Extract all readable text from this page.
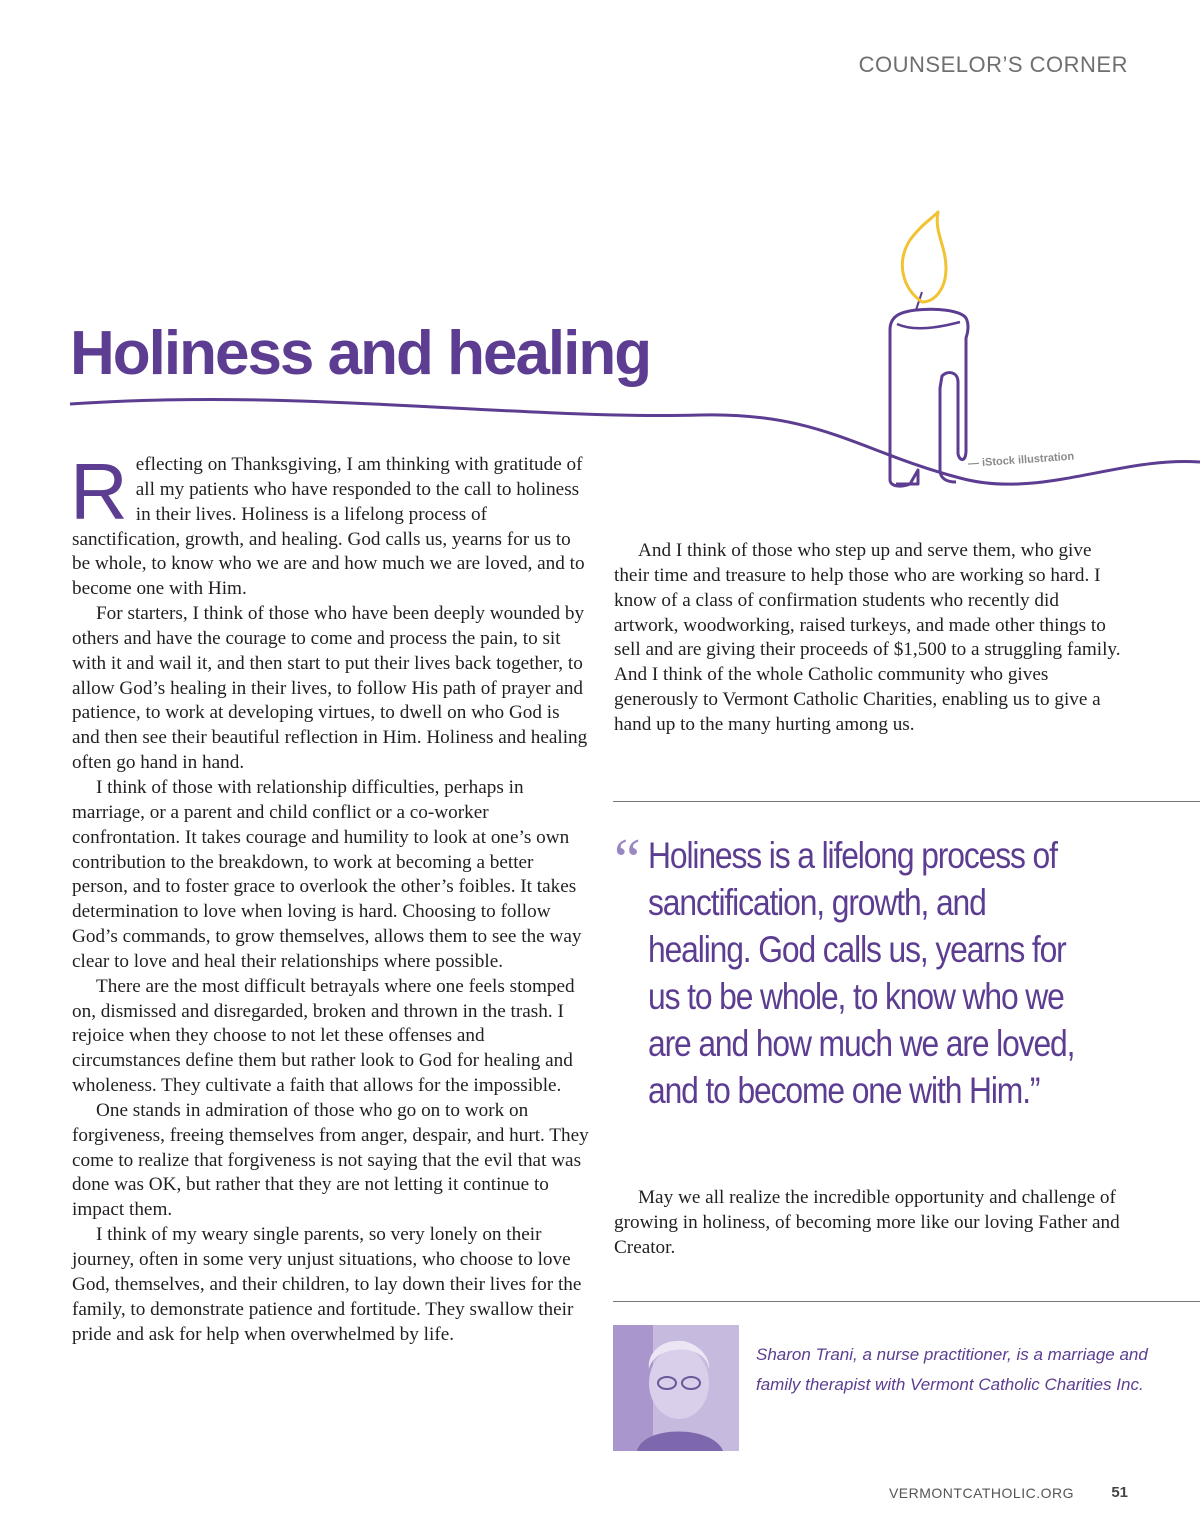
COUNSELOR’S CORNER
Holiness and healing
— iStock illustration

Reflecting on Thanksgiving, I am thinking with gratitude of all my patients who have responded to the call to holiness in their lives. Holiness is a lifelong process of sanctification, growth, and healing. God calls us, yearns for us to be whole, to know who we are and how much we are loved, and to become one with Him.

For starters, I think of those who have been deeply wounded by others and have the courage to come and process the pain, to sit with it and wail it, and then start to put their lives back together, to allow God’s healing in their lives, to follow His path of prayer and patience, to work at developing virtues, to dwell on who God is and then see their beautiful reflection in Him. Holiness and healing often go hand in hand.

I think of those with relationship difficulties, perhaps in marriage, or a parent and child conflict or a co-worker confrontation. It takes courage and humility to look at one’s own contribution to the breakdown, to work at becoming a better person, and to foster grace to overlook the other’s foibles. It takes determination to love when loving is hard. Choosing to follow God’s commands, to grow themselves, allows them to see the way clear to love and heal their relationships where possible.

There are the most difficult betrayals where one feels stomped on, dismissed and disregarded, broken and thrown in the trash. I rejoice when they choose to not let these offenses and circumstances define them but rather look to God for healing and wholeness. They cultivate a faith that allows for the impossible.

One stands in admiration of those who go on to work on forgiveness, freeing themselves from anger, despair, and hurt. They come to realize that forgiveness is not saying that the evil that was done was OK, but rather that they are not letting it continue to impact them.

I think of my weary single parents, so very lonely on their journey, often in some very unjust situations, who choose to love God, themselves, and their children, to lay down their lives for the family, to demonstrate patience and fortitude. They swallow their pride and ask for help when overwhelmed by life.

And I think of those who step up and serve them, who give their time and treasure to help those who are working so hard. I know of a class of confirmation students who recently did artwork, woodworking, raised turkeys, and made other things to sell and are giving their proceeds of $1,500 to a struggling family. And I think of the whole Catholic community who gives generously to Vermont Catholic Charities, enabling us to give a hand up to the many hurting among us.

“ Holiness is a lifelong process of sanctification, growth, and healing. God calls us, yearns for us to be whole, to know who we are and how much we are loved, and to become one with Him.”

May we all realize the incredible opportunity and challenge of growing in holiness, of becoming more like our loving Father and Creator.

Sharon Trani, a nurse practitioner, is a marriage and family therapist with Vermont Catholic Charities Inc.
VERMONTCATHOLIC.ORG 51
